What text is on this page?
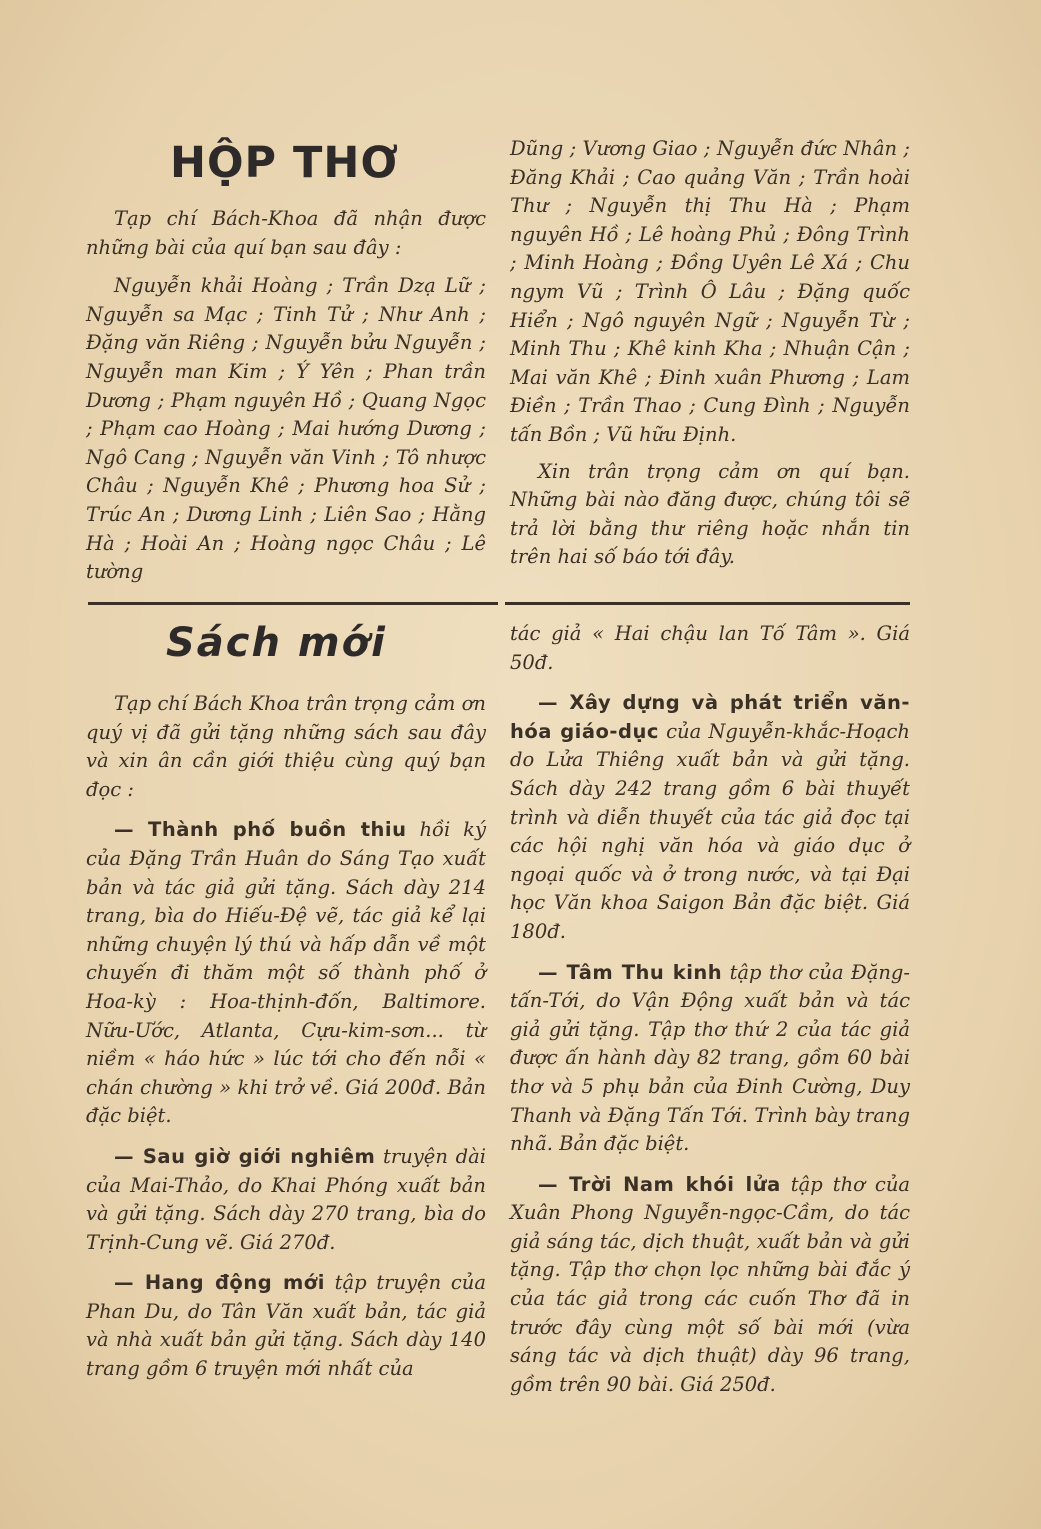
HỘP THƠ

Tạp chí Bách-Khoa đã nhận được những bài của quí bạn sau đây :

Nguyễn khải Hoàng ; Trần Dzạ Lữ ; Nguyễn sa Mạc ; Tinh Tử ; Như Anh ; Đặng văn Riêng ; Nguyễn bửu Nguyễn ; Nguyễn man Kim ; Ý Yên ; Phan trần Dương ; Phạm nguyên Hồ ; Quang Ngọc ; Phạm cao Hoàng ; Mai hướng Dương ; Ngô Cang ; Nguyễn văn Vinh ; Tô nhược Châu ; Nguyễn Khê ; Phương hoa Sử ; Trúc An ; Dương Linh ; Liên Sao ; Hằng Hà ; Hoài An ; Hoàng ngọc Châu ; Lê tường

Dũng ; Vương Giao ; Nguyễn đức Nhân ; Đăng Khải ; Cao quảng Văn ; Trần hoài Thư ; Nguyễn thị Thu Hà ; Phạm nguyên Hồ ; Lê hoàng Phủ ; Đông Trình ; Minh Hoàng ; Đồng Uyên Lê Xá ; Chu ngym Vũ ; Trình Ô Lâu ; Đặng quốc Hiển ; Ngô nguyên Ngữ ; Nguyễn Từ ; Minh Thu ; Khê kinh Kha ; Nhuận Cận ; Mai văn Khê ; Đinh xuân Phương ; Lam Điền ; Trần Thao ; Cung Đình ; Nguyễn tấn Bồn ; Vũ hữu Định.

Xin trân trọng cảm ơn quí bạn. Những bài nào đăng được, chúng tôi sẽ trả lời bằng thư riêng hoặc nhắn tin trên hai số báo tới đây.

Sách mới

Tạp chí Bách Khoa trân trọng cảm ơn quý vị đã gửi tặng những sách sau đây và xin ân cần giới thiệu cùng quý bạn đọc :

— Thành phố buồn thiu hồi ký của Đặng Trần Huân do Sáng Tạo xuất bản và tác giả gửi tặng. Sách dày 214 trang, bìa do Hiếu-Đệ vẽ, tác giả kể lại những chuyện lý thú và hấp dẫn về một chuyến đi thăm một số thành phố ở Hoa-kỳ : Hoa-thịnh-đốn, Baltimore. Nữu-Ước, Atlanta, Cựu-kim-sơn... từ niềm « háo hức » lúc tới cho đến nỗi « chán chường » khi trở về. Giá 200đ. Bản đặc biệt.

— Sau giờ giới nghiêm truyện dài của Mai-Thảo, do Khai Phóng xuất bản và gửi tặng. Sách dày 270 trang, bìa do Trịnh-Cung vẽ. Giá 270đ.

— Hang động mới tập truyện của Phan Du, do Tân Văn xuất bản, tác giả và nhà xuất bản gửi tặng. Sách dày 140 trang gồm 6 truyện mới nhất của

tác giả « Hai chậu lan Tố Tâm ». Giá 50đ.

— Xây dựng và phát triển văn-hóa giáo-dục của Nguyễn-khắc-Hoạch do Lửa Thiêng xuất bản và gửi tặng. Sách dày 242 trang gồm 6 bài thuyết trình và diễn thuyết của tác giả đọc tại các hội nghị văn hóa và giáo dục ở ngoại quốc và ở trong nước, và tại Đại học Văn khoa Saigon Bản đặc biệt. Giá 180đ.

— Tâm Thu kinh tập thơ của Đặng-tấn-Tới, do Vận Động xuất bản và tác giả gửi tặng. Tập thơ thứ 2 của tác giả được ấn hành dày 82 trang, gồm 60 bài thơ và 5 phụ bản của Đinh Cường, Duy Thanh và Đặng Tấn Tới. Trình bày trang nhã. Bản đặc biệt.

— Trời Nam khói lửa tập thơ của Xuân Phong Nguyễn-ngọc-Cầm, do tác giả sáng tác, dịch thuật, xuất bản và gửi tặng. Tập thơ chọn lọc những bài đắc ý của tác giả trong các cuốn Thơ đã in trước đây cùng một số bài mới (vừa sáng tác và dịch thuật) dày 96 trang, gồm trên 90 bài. Giá 250đ.
